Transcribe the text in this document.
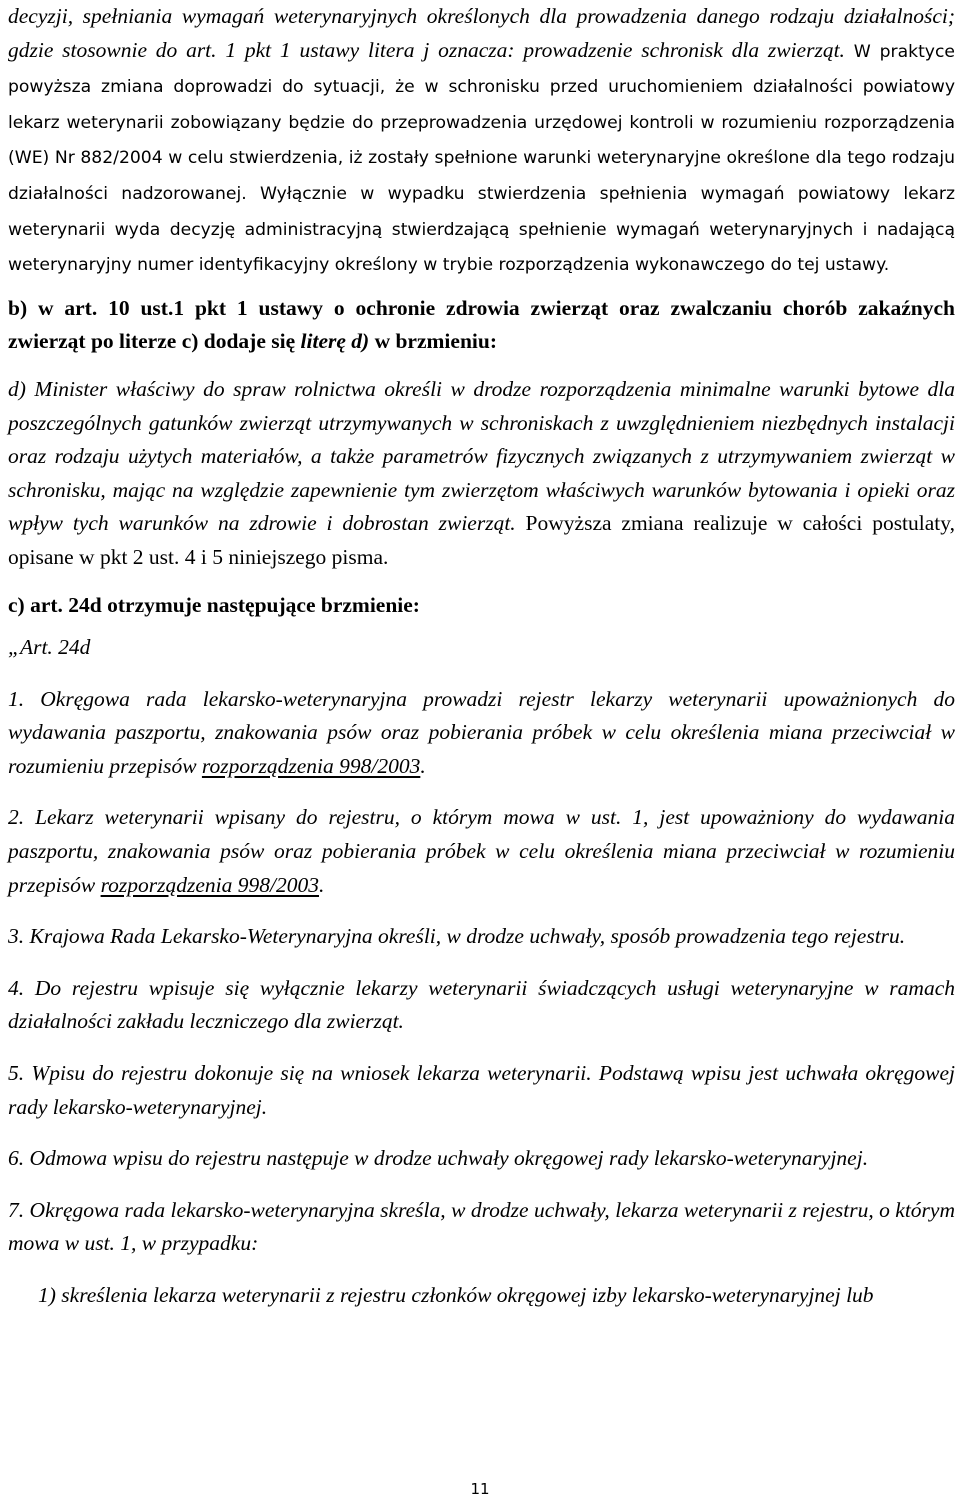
decyzji, spełniania wymagań weterynaryjnych określonych dla prowadzenia danego rodzaju działalności; gdzie stosownie do art. 1 pkt 1 ustawy litera j oznacza: prowadzenie schronisk dla zwierząt. W praktyce powyższa zmiana doprowadzi do sytuacji, że w schronisku przed uruchomieniem działalności powiatowy lekarz weterynarii zobowiązany będzie do przeprowadzenia urzędowej kontroli w rozumieniu rozporządzenia (WE) Nr 882/2004 w celu stwierdzenia, iż zostały spełnione warunki weterynaryjne określone dla tego rodzaju działalności nadzorowanej. Wyłącznie w wypadku stwierdzenia spełnienia wymagań powiatowy lekarz weterynarii wyda decyzję administracyjną stwierdzającą spełnienie wymagań weterynaryjnych i nadającą weterynaryjny numer identyfikacyjny określony w trybie rozporządzenia wykonawczego do tej ustawy.

b) w art. 10 ust.1 pkt 1 ustawy o ochronie zdrowia zwierząt oraz zwalczaniu chorób zakaźnych zwierząt po literze c) dodaje się literę d) w brzmieniu:

d) Minister właściwy do spraw rolnictwa określi w drodze rozporządzenia minimalne warunki bytowe dla poszczególnych gatunków zwierząt utrzymywanych w schroniskach z uwzględnieniem niezbędnych instalacji oraz rodzaju użytych materiałów, a także parametrów fizycznych związanych z utrzymywaniem zwierząt w schronisku, mając na względzie zapewnienie tym zwierzętom właściwych warunków bytowania i opieki oraz wpływ tych warunków na zdrowie i dobrostan zwierząt. Powyższa zmiana realizuje w całości postulaty, opisane w pkt 2 ust. 4 i 5 niniejszego pisma.

c) art. 24d otrzymuje następujące brzmienie:

„Art. 24d

1. Okręgowa rada lekarsko-weterynaryjna prowadzi rejestr lekarzy weterynarii upoważnionych do wydawania paszportu, znakowania psów oraz pobierania próbek w celu określenia miana przeciwciał w rozumieniu przepisów rozporządzenia 998/2003.

2. Lekarz weterynarii wpisany do rejestru, o którym mowa w ust. 1, jest upoważniony do wydawania paszportu, znakowania psów oraz pobierania próbek w celu określenia miana przeciwciał w rozumieniu przepisów rozporządzenia 998/2003.

3. Krajowa Rada Lekarsko-Weterynaryjna określi, w drodze uchwały, sposób prowadzenia tego rejestru.

4. Do rejestru wpisuje się wyłącznie lekarzy weterynarii świadczących usługi weterynaryjne w ramach działalności zakładu leczniczego dla zwierząt.

5. Wpisu do rejestru dokonuje się na wniosek lekarza weterynarii. Podstawą wpisu jest uchwała okręgowej rady lekarsko-weterynaryjnej.

6. Odmowa wpisu do rejestru następuje w drodze uchwały okręgowej rady lekarsko-weterynaryjnej.

7. Okręgowa rada lekarsko-weterynaryjna skreśla, w drodze uchwały, lekarza weterynarii z rejestru, o którym mowa w ust. 1, w przypadku:

1) skreślenia lekarza weterynarii z rejestru członków okręgowej izby lekarsko-weterynaryjnej lub

11
